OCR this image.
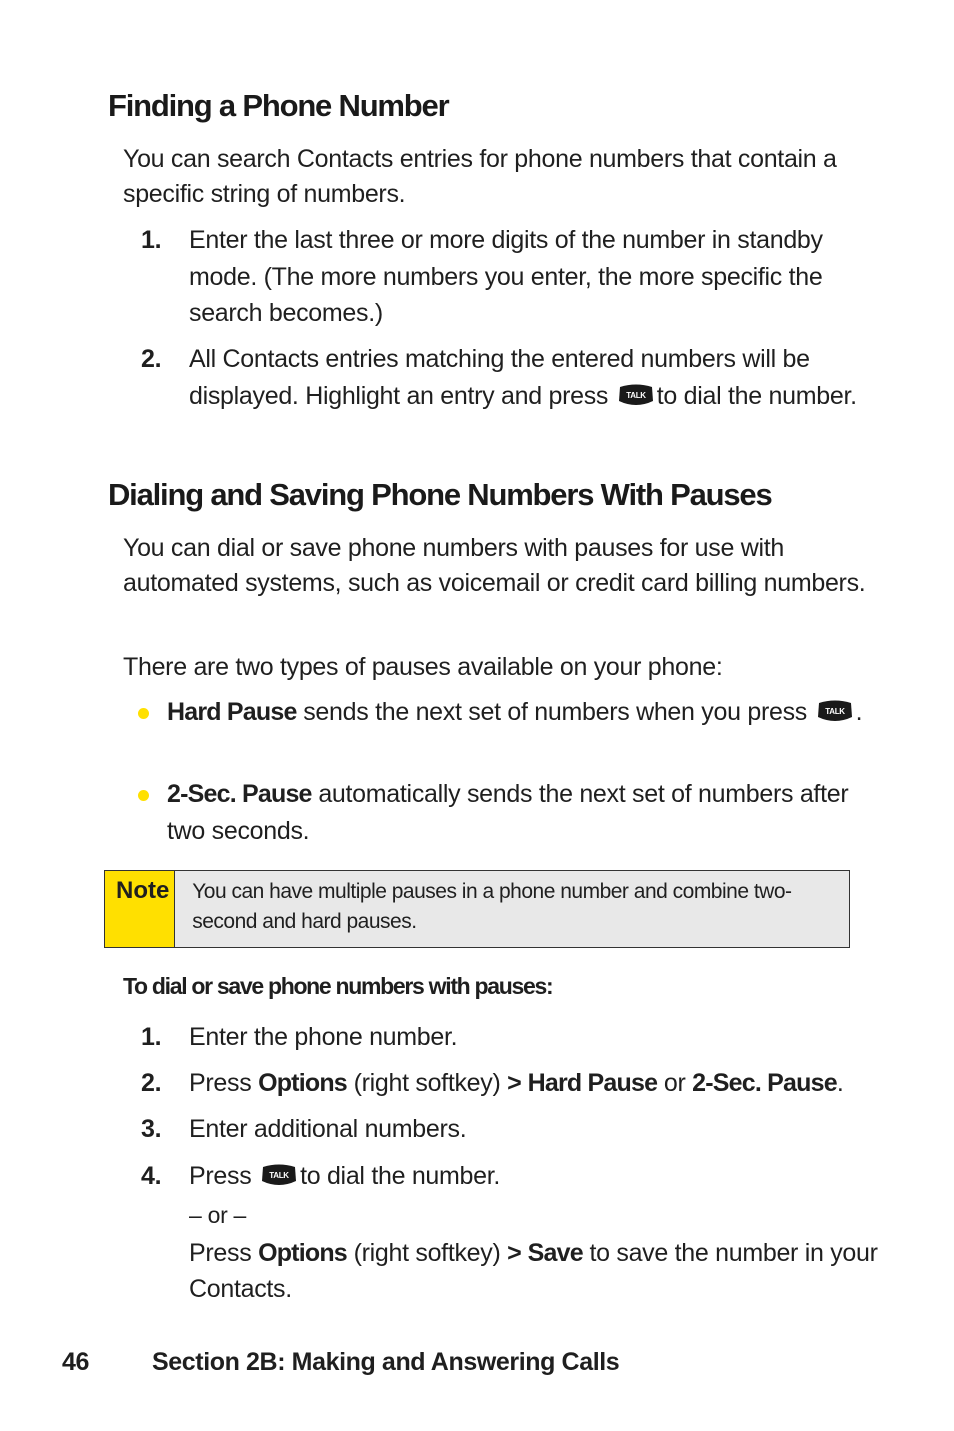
Finding a Phone Number

You can search Contacts entries for phone numbers that contain a specific string of numbers.

1. Enter the last three or more digits of the number in standby mode. (The more numbers you enter, the more specific the search becomes.)
2. All Contacts entries matching the entered numbers will be displayed. Highlight an entry and press to dial the number.
Dialing and Saving Phone Numbers With Pauses

You can dial or save phone numbers with pauses for use with automated systems, such as voicemail or credit card billing numbers.

There are two types of pauses available on your phone:

Hard Pause sends the next set of numbers when you press .
2-Sec. Pause automatically sends the next set of numbers after two seconds.
Note	You can have multiple pauses in a phone number and combine two-second and hard pauses.
To dial or save phone numbers with pauses:
1. Enter the phone number.
2. Press Options (right softkey) > Hard Pause or 2-Sec. Pause.
3. Enter additional numbers.
4. Press to dial the number.
– or –
Press Options (right softkey) > Save to save the number in your Contacts.
46	Section 2B: Making and Answering Calls
